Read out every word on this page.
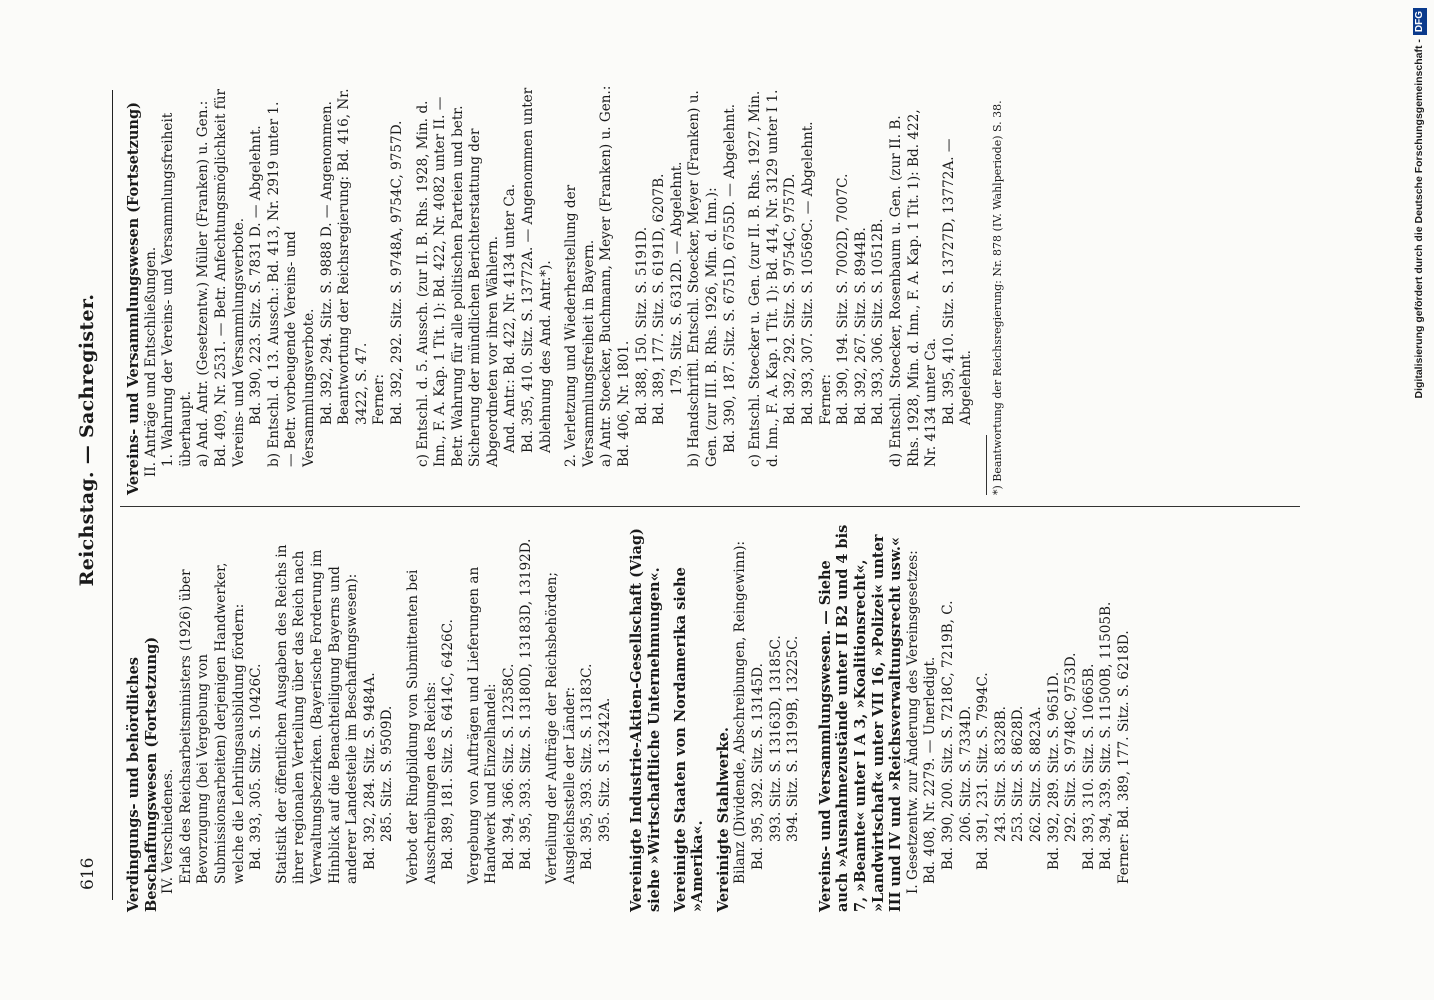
616
Reichstag. — Sachregister.
Verdingungs- und behördliches Beschaffungswesen (Fortsetzung) IV. Verschiedenes. Erlaß des Reichsarbeitsministers (1926) über Bevorzugung (bei Vergebung von Submissionsarbeiten) derjenigen Handwerker, welche die Lehrlingsausbildung fördern: Bd. 393, 305. Sitz. S. 10426C. Statistik der öffentlichen Ausgaben des Reichs in ihrer regionalen Verteilung über das Reich nach Verwaltungsbezirken. (Bayerische Forderung im Hinblick auf die Benachteiligung Bayerns und anderer Landesteile im Beschaffungswesen): Bd. 392, 284. Sitz. S. 9484A. 285. Sitz. S. 9509D. Verbot der Ringbildung von Submittenten bei Ausschreibungen des Reichs: Bd. 389, 181. Sitz. S. 6414C, 6426C. Vergebung von Aufträgen und Lieferungen an Handwerk und Einzelhandel: Bd. 394, 366. Sitz. S. 12358C. Bd. 395, 393. Sitz. S. 13180D, 13183D, 13192D. Verteilung der Aufträge der Reichsbehörden; Ausgleichsstelle der Länder: Bd. 395, 393. Sitz. S. 13183C. 395. Sitz. S. 13242A. Vereinigte Industrie-Aktien-Gesellschaft (Viag) siehe »Wirtschaftliche Unternehmungen«. Vereinigte Staaten von Nordamerika siehe »Amerika«. Vereinigte Stahlwerke. Bilanz (Dividende, Abschreibungen, Reingewinn): Bd. 395, 392. Sitz. S. 13145D. 393. Sitz. S. 13163D, 13185C. 394. Sitz. S. 13199B, 13225C. Vereins- und Versammlungswesen. — Siehe auch »Ausnahmezustände unter II B2 und 4 bis 7, »Beamte« unter I A 3, »Koalitionsrecht«, »Landwirtschaft« unter VII 16, »Polizei« unter III und IV und »Reichsverwaltungsrecht usw.« I. Gesetzentw. zur Änderung des Vereinsgesetzes: Bd. 408, Nr. 2279. — Unerledigt. Bd. 390, 200. Sitz. S. 7218C, 7219B, C. 206. Sitz. S. 7334D. Bd. 391, 231. Sitz. S. 7994C. 243. Sitz. S. 8328B. 253. Sitz. S. 8628D. 262. Sitz. S. 8823A. Bd. 392, 289. Sitz. S. 9651D. 292. Sitz. S. 9748C, 9753D. Bd. 393, 310. Sitz. S. 10665B. Bd. 394, 339. Sitz. S. 11500B, 11505B. Ferner: Bd. 389, 177. Sitz. S. 6218D.
Vereins- und Versammlungswesen (Fortsetzung) II. Anträge und Entschließungen. 1. Wahrung der Vereins- und Versammlungsfreiheit überhaupt. a) And. Antr. (Gesetzentw.) Müller (Franken) u. Gen.: Bd. 409, Nr. 2531. — Betr. Anfechtungsmöglichkeit für Vereins- und Versammlungsverbote. Bd. 390, 223. Sitz. S. 7831 D. — Abgelehnt. b) Entschl. d. 13. Aussch.: Bd. 413, Nr. 2919 unter 1. — Betr. vorbeugende Vereins- und Versammlungsverbote. Bd. 392, 294. Sitz. S. 9888 D. — Angenommen. Beantwortung der Reichsregierung: Bd. 416, Nr. 3422, S. 47. Ferner: Bd. 392, 292. Sitz. S. 9748A, 9754C, 9757D. c) Entschl. d. 5. Aussch. (zur II. B. Rhs. 1928, Min. d. Inn., F. A. Kap. 1 Tit. 1): Bd. 422, Nr. 4082 unter II. — Betr. Wahrung für alle politischen Parteien und betr. Sicherung der mündlichen Berichterstattung der Abgeordneten vor ihren Wählern. And. Antr.: Bd. 422, Nr. 4134 unter Ca. Bd. 395, 410. Sitz. S. 13772A. — Angenommen unter Ablehnung des And. Antr.*). 2. Verletzung und Wiederherstellung der Versammlungsfreiheit in Bayern. a) Antr. Stoecker, Buchmann, Meyer (Franken) u. Gen.: Bd. 406, Nr. 1801. Bd. 388, 150. Sitz. S. 5191D. Bd. 389, 177. Sitz. S. 6191D, 6207B. 179. Sitz. S. 6312D. — Abgelehnt. b) Handschriftl. Entschl. Stoecker, Meyer (Franken) u. Gen. (zur III. B. Rhs. 1926, Min. d. Inn.): Bd. 390, 187. Sitz. S. 6751D, 6755D. — Abgelehnt. c) Entschl. Stoecker u. Gen. (zur II. B. Rhs. 1927, Min. d. Inn., F. A. Kap. 1 Tit. 1): Bd. 414, Nr. 3129 unter I 1. Bd. 392, 292. Sitz. S. 9754C, 9757D. Bd. 393, 307. Sitz. S. 10569C. — Abgelehnt. Ferner: Bd. 390, 194. Sitz. S. 7002D, 7007C. Bd. 392, 267. Sitz. S. 8944B. Bd. 393, 306. Sitz. S. 10512B. d) Entschl. Stoecker, Rosenbaum u. Gen. (zur II. B. Rhs. 1928, Min. d. Inn., F. A. Kap. 1 Tit. 1): Bd. 422, Nr. 4134 unter Ca. Bd. 395, 410. Sitz. S. 13727D, 13772A. — Abgelehnt. *) Beantwortung der Reichsregierung: Nr. 878 (IV. Wahlperiode) S. 38.	Digitalisierung gefördert durch die Deutsche Forschungsgemeinschaft -DFG
